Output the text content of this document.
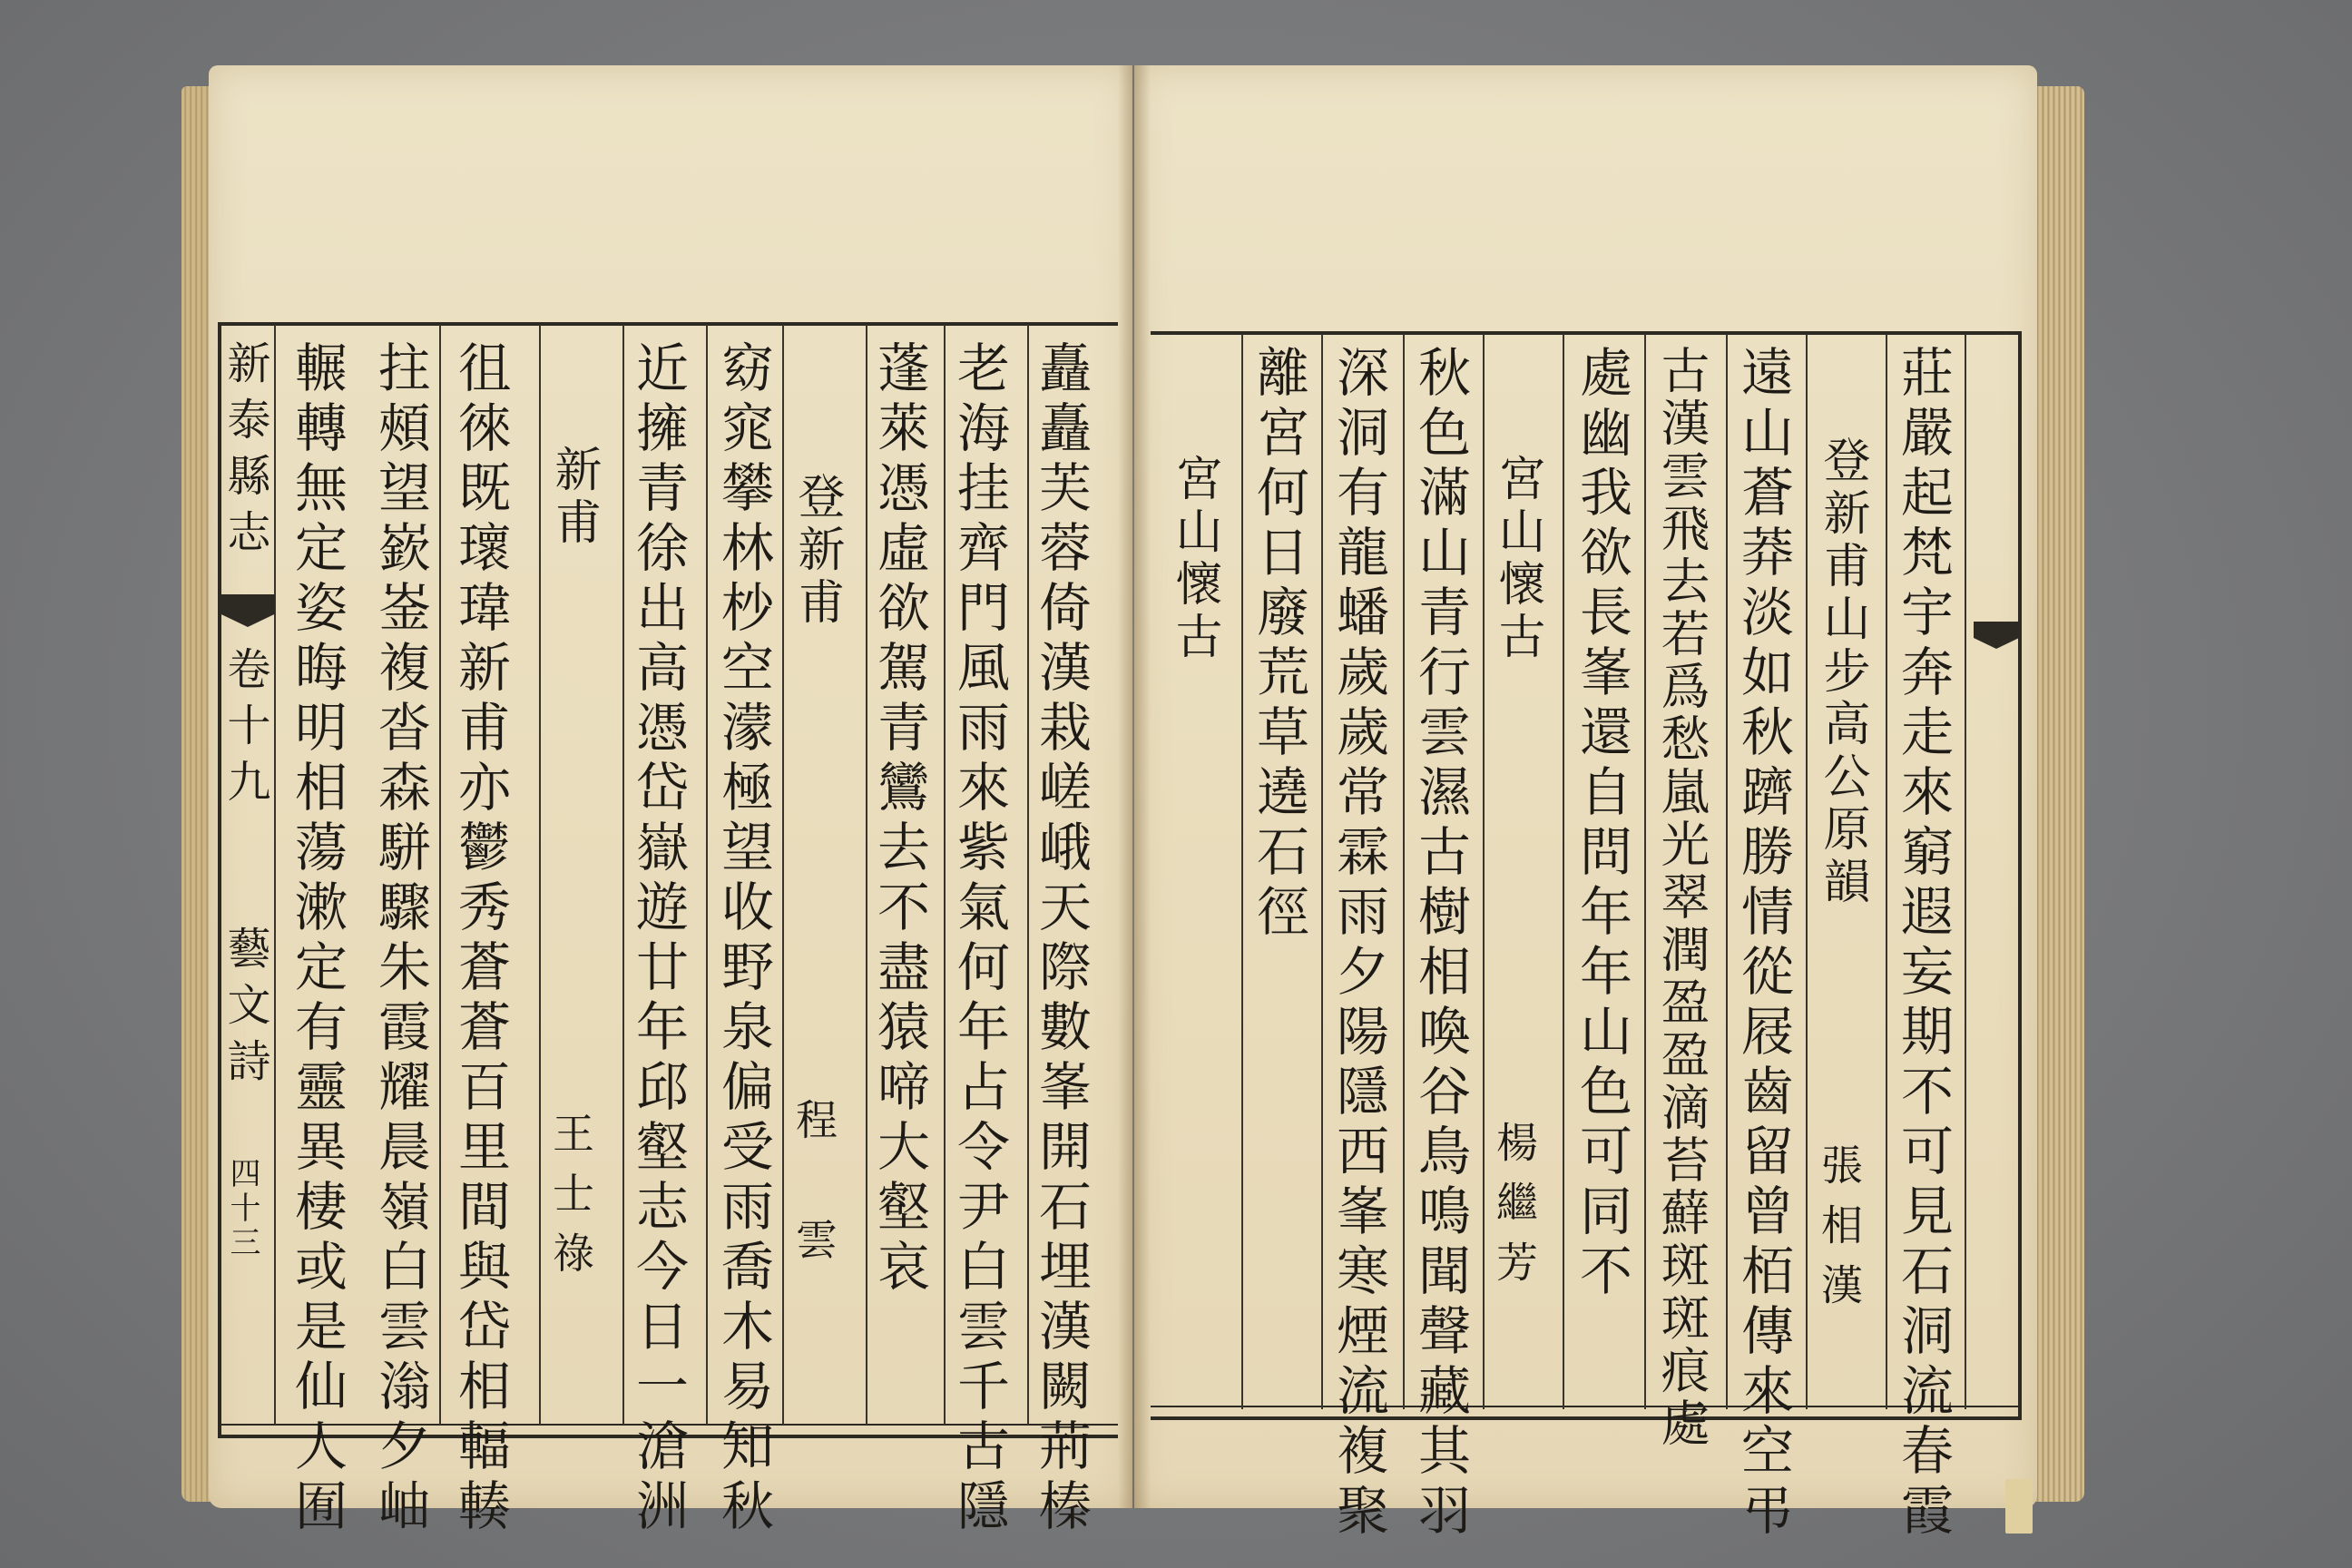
新泰縣志
卷十九
藝文詩
四十三	矗矗芙蓉倚漢栽嵯峨天際數峯開石埋漢闕荊榛
老海挂齊門風雨來紫氣何年占令尹白雲千古隱
蓬萊憑虛欲駕青鸞去不盡猿啼大壑哀
登新甫
程　雲
窈窕攀林杪空濛極望收野泉偏受雨喬木易知秋
近擁青徐出高憑岱嶽遊廿年邱壑志今日一滄洲
新甫
王士祿
徂徠既瓌瑋新甫亦鬱秀蒼蒼百里間與岱相輻輳
拄頰望嶔崟複沓森駢驟朱霞耀晨嶺白雲滃夕岫
輾轉無定姿晦明相蕩漱定有靈異棲或是仙人囿	莊嚴起梵宇奔走來窮遐妄期不可見石洞流春霞
登新甫山步高公原韻
張相漢
遠山蒼莽淡如秋躋勝情從屐齒留曾栢傳來空弔
古漢雲飛去若爲愁嵐光翠潤盈盈滴苔蘚斑斑痕處
處幽我欲長峯還自問年年山色可同不
宮山懷古
楊繼芳
秋色滿山青行雲濕古樹相喚谷鳥鳴聞聲藏其羽
深洞有龍蟠歲歲常霖雨夕陽隱西峯寒煙流複聚
離宮何日廢荒草遶石徑
宮山懷古
